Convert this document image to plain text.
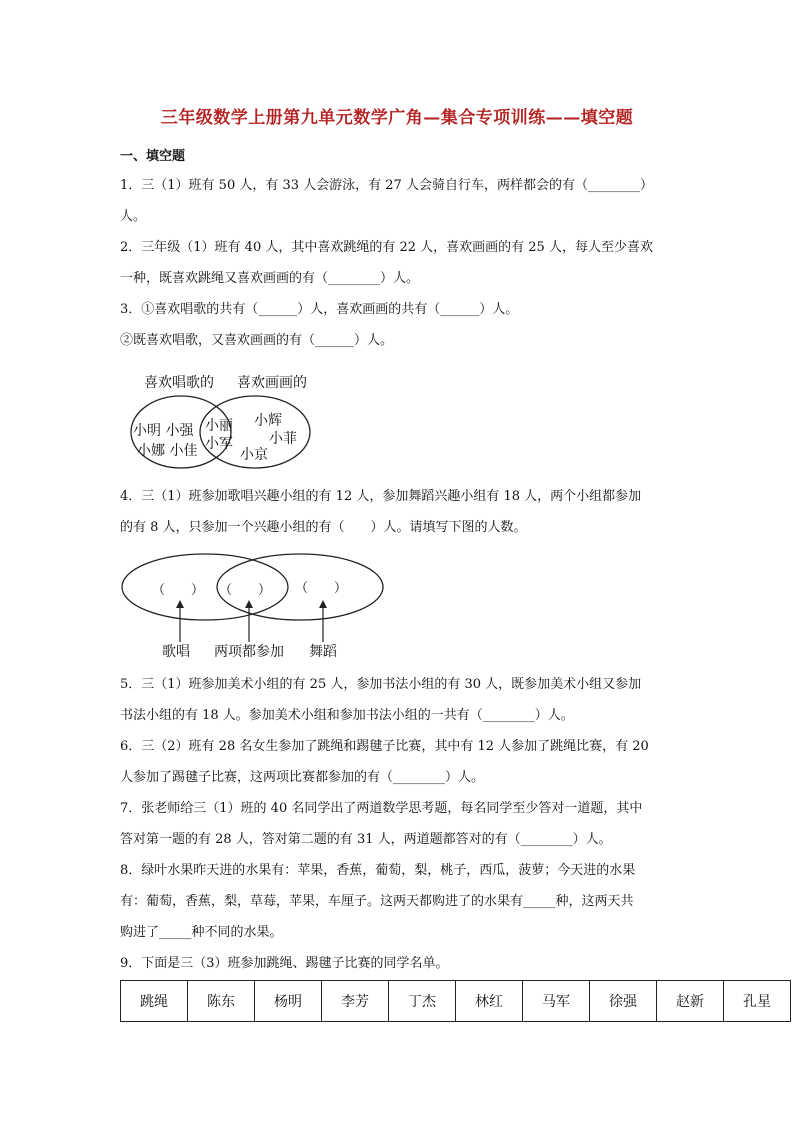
三年级数学上册第九单元数学广角—集合专项训练——填空题
一、填空题
1．三（1）班有 50 人，有 33 人会游泳，有 27 人会骑自行车，两样都会的有（________）
人。
2．三年级（1）班有 40 人，其中喜欢跳绳的有 22 人，喜欢画画的有 25 人，每人至少喜欢
一种，既喜欢跳绳又喜欢画画的有（________）人。
3．①喜欢唱歌的共有（______）人，喜欢画画的共有（______）人。
②既喜欢唱歌，又喜欢画画的有（______）人。
喜欢唱歌的 喜欢画画的
小明 小强
小娜 小佳
小丽
小军
小辉
小菲
小京
4．三（1）班参加歌唱兴趣小组的有 12 人，参加舞蹈兴趣小组有 18 人，两个小组都参加
的有 8 人，只参加一个兴趣小组的有（　　）人。请填写下图的人数。
（　　） （　　） （　　）
歌唱 两项都参加 舞蹈
5．三（1）班参加美术小组的有 25 人，参加书法小组的有 30 人，既参加美术小组又参加
书法小组的有 18 人。参加美术小组和参加书法小组的一共有（________）人。
6．三（2）班有 28 名女生参加了跳绳和踢毽子比赛，其中有 12 人参加了跳绳比赛，有 20
人参加了踢毽子比赛，这两项比赛都参加的有（________）人。
7．张老师给三（1）班的 40 名同学出了两道数学思考题，每名同学至少答对一道题，其中
答对第一题的有 28 人，答对第二题的有 31 人，两道题都答对的有（________）人。
8．绿叶水果昨天进的水果有：苹果，香蕉，葡萄，梨，桃子，西瓜，菠萝；今天进的水果
有：葡萄，香蕉，梨，草莓，苹果，车厘子。这两天都购进了的水果有_____种，这两天共
购进了_____种不同的水果。
9．下面是三（3）班参加跳绳、踢毽子比赛的同学名单。
跳绳	陈东	杨明	李芳	丁杰	林红	马军	徐强	赵新	孔星
